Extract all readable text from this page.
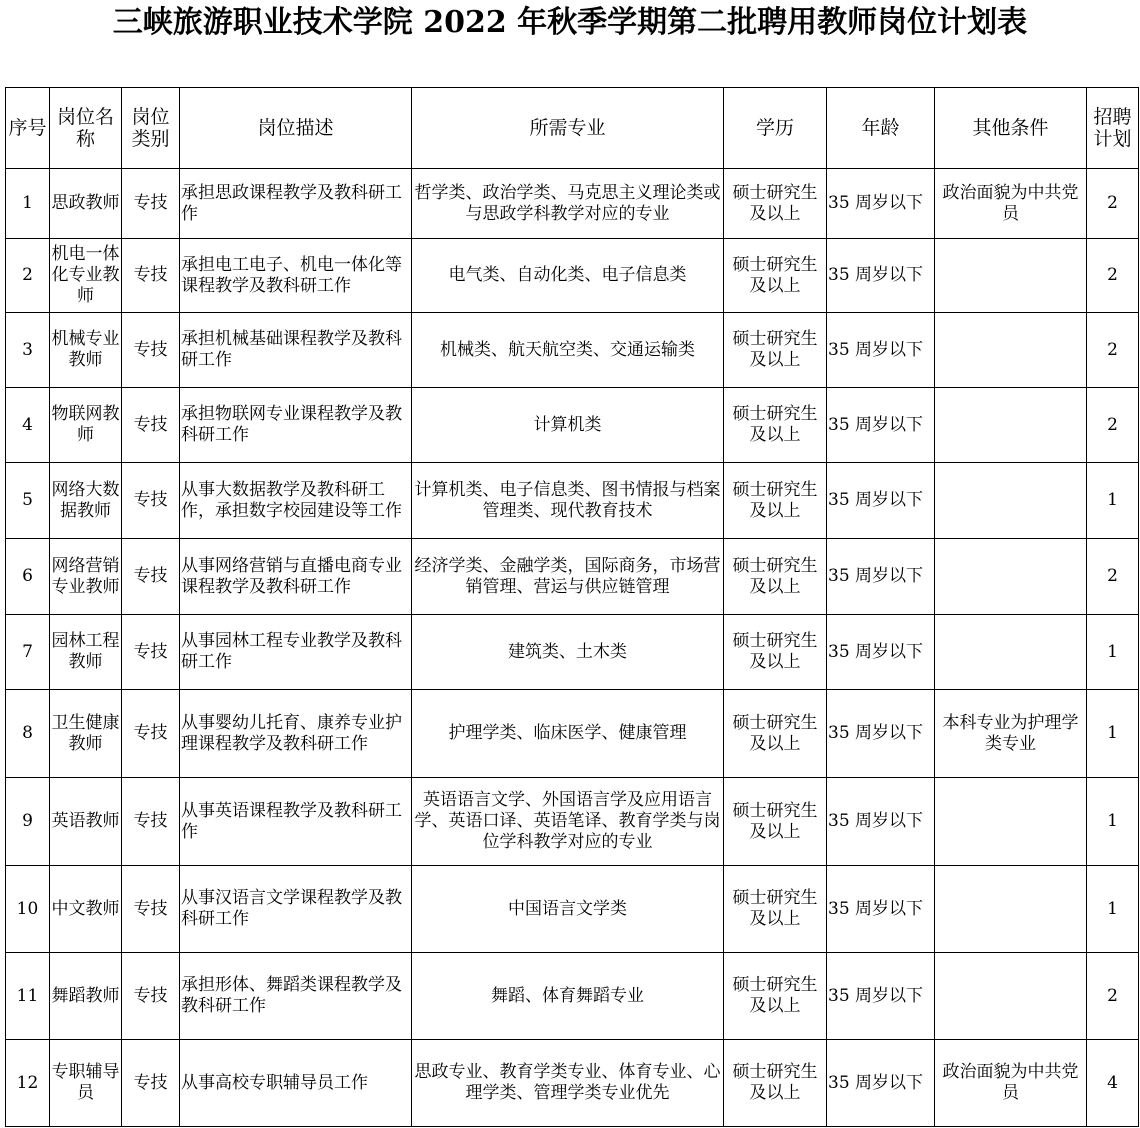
三峡旅游职业技术学院 2022 年秋季学期第二批聘用教师岗位计划表
序号	岗位名称	岗位类别	岗位描述	所需专业	学历	年龄	其他条件	招聘计划
1	思政教师	专技	承担思政课程教学及教科研工作	哲学类、政治学类、马克思主义理论类或与思政学科教学对应的专业	硕士研究生及以上	35 周岁以下	政治面貌为中共党员	2
2	机电一体化专业教师	专技	承担电工电子、机电一体化等课程教学及教科研工作	电气类、自动化类、电子信息类	硕士研究生及以上	35 周岁以下		2
3	机械专业教师	专技	承担机械基础课程教学及教科研工作	机械类、航天航空类、交通运输类	硕士研究生及以上	35 周岁以下		2
4	物联网教师	专技	承担物联网专业课程教学及教科研工作	计算机类	硕士研究生及以上	35 周岁以下		2
5	网络大数据教师	专技	从事大数据教学及教科研工作，承担数字校园建设等工作	计算机类、电子信息类、图书情报与档案管理类、现代教育技术	硕士研究生及以上	35 周岁以下		1
6	网络营销专业教师	专技	从事网络营销与直播电商专业课程教学及教科研工作	经济学类、金融学类，国际商务，市场营销管理、营运与供应链管理	硕士研究生及以上	35 周岁以下		2
7	园林工程教师	专技	从事园林工程专业教学及教科研工作	建筑类、土木类	硕士研究生及以上	35 周岁以下		1
8	卫生健康教师	专技	从事婴幼儿托育、康养专业护理课程教学及教科研工作	护理学类、临床医学、健康管理	硕士研究生及以上	35 周岁以下	本科专业为护理学类专业	1
9	英语教师	专技	从事英语课程教学及教科研工作	英语语言文学、外国语言学及应用语言学、英语口译、英语笔译、教育学类与岗位学科教学对应的专业	硕士研究生及以上	35 周岁以下		1
10	中文教师	专技	从事汉语言文学课程教学及教科研工作	中国语言文学类	硕士研究生及以上	35 周岁以下		1
11	舞蹈教师	专技	承担形体、舞蹈类课程教学及教科研工作	舞蹈、体育舞蹈专业	硕士研究生及以上	35 周岁以下		2
12	专职辅导员	专技	从事高校专职辅导员工作	思政专业、教育学类专业、体育专业、心理学类、管理学类专业优先	硕士研究生及以上	35 周岁以下	政治面貌为中共党员	4
